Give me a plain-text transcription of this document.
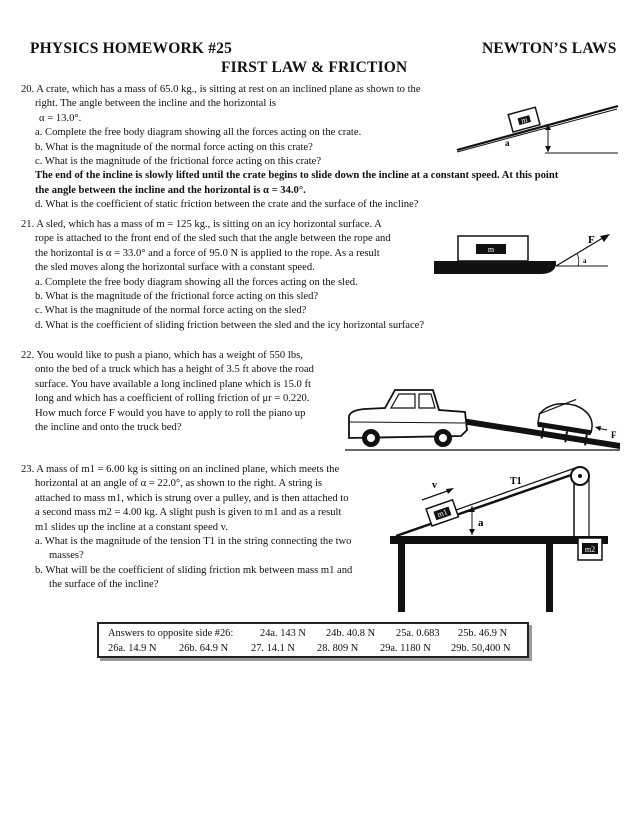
PHYSICS HOMEWORK #25	NEWTON’S LAWS
FIRST LAW & FRICTION
20. A crate, which has a mass of 65.0 kg., is sitting at rest on an inclined plane as shown to the
right. The angle between the incline and the horizontal is
α = 13.0°.
a. Complete the free body diagram showing all the forces acting on the crate.
b. What is the magnitude of the normal force acting on this crate?
c. What is the magnitude of the frictional force acting on this crate?
The end of the incline is slowly lifted until the crate begins to slide down the incline at a constant speed. At this point
the angle between the incline and the horizontal is α = 34.0°.
d. What is the coefficient of static friction between the crate and the surface of the incline?
m
a
21. A sled, which has a mass of m = 125 kg., is sitting on an icy horizontal surface. A
rope is attached to the front end of the sled such that the angle between the rope and
the horizontal is α = 33.0° and a force of 95.0 N is applied to the rope. As a result
the sled moves along the horizontal surface with a constant speed.
a. Complete the free body diagram showing all the forces acting on the sled.
b. What is the magnitude of the frictional force acting on this sled?
c. What is the magnitude of the normal force acting on the sled?
d. What is the coefficient of sliding friction between the sled and the icy horizontal surface?
m
F
a
22. You would like to push a piano, which has a weight of 550 lbs,
onto the bed of a truck which has a height of 3.5 ft above the road
surface. You have available a long inclined plane which is 15.0 ft
long and which has a coefficient of rolling friction of μr = 0.220.
How much force F would you have to apply to roll the piano up
the incline and onto the truck bed?
F
23. A mass of m1 = 6.00 kg is sitting on an inclined plane, which meets the
horizontal at an angle of α = 22.0°, as shown to the right. A string is
attached to mass m1, which is strung over a pulley, and is then attached to
a second mass m2 = 4.00 kg. A slight push is given to m1 and as a result
m1 slides up the incline at a constant speed v.
a. What is the magnitude of the tension T1 in the string connecting the two
masses?
b. What will be the coefficient of sliding friction mk between mass m1 and
the surface of the incline?
m1
m2
v	T1
a
Answers to opposite side #26:	24a. 143 N 24b. 40.8 N 25a. 0.683 25b. 46.9 N
26a. 14.9 N 26b. 64.9 N 27. 14.1 N 28. 809 N 29a. 1180 N 29b. 50,400 N
